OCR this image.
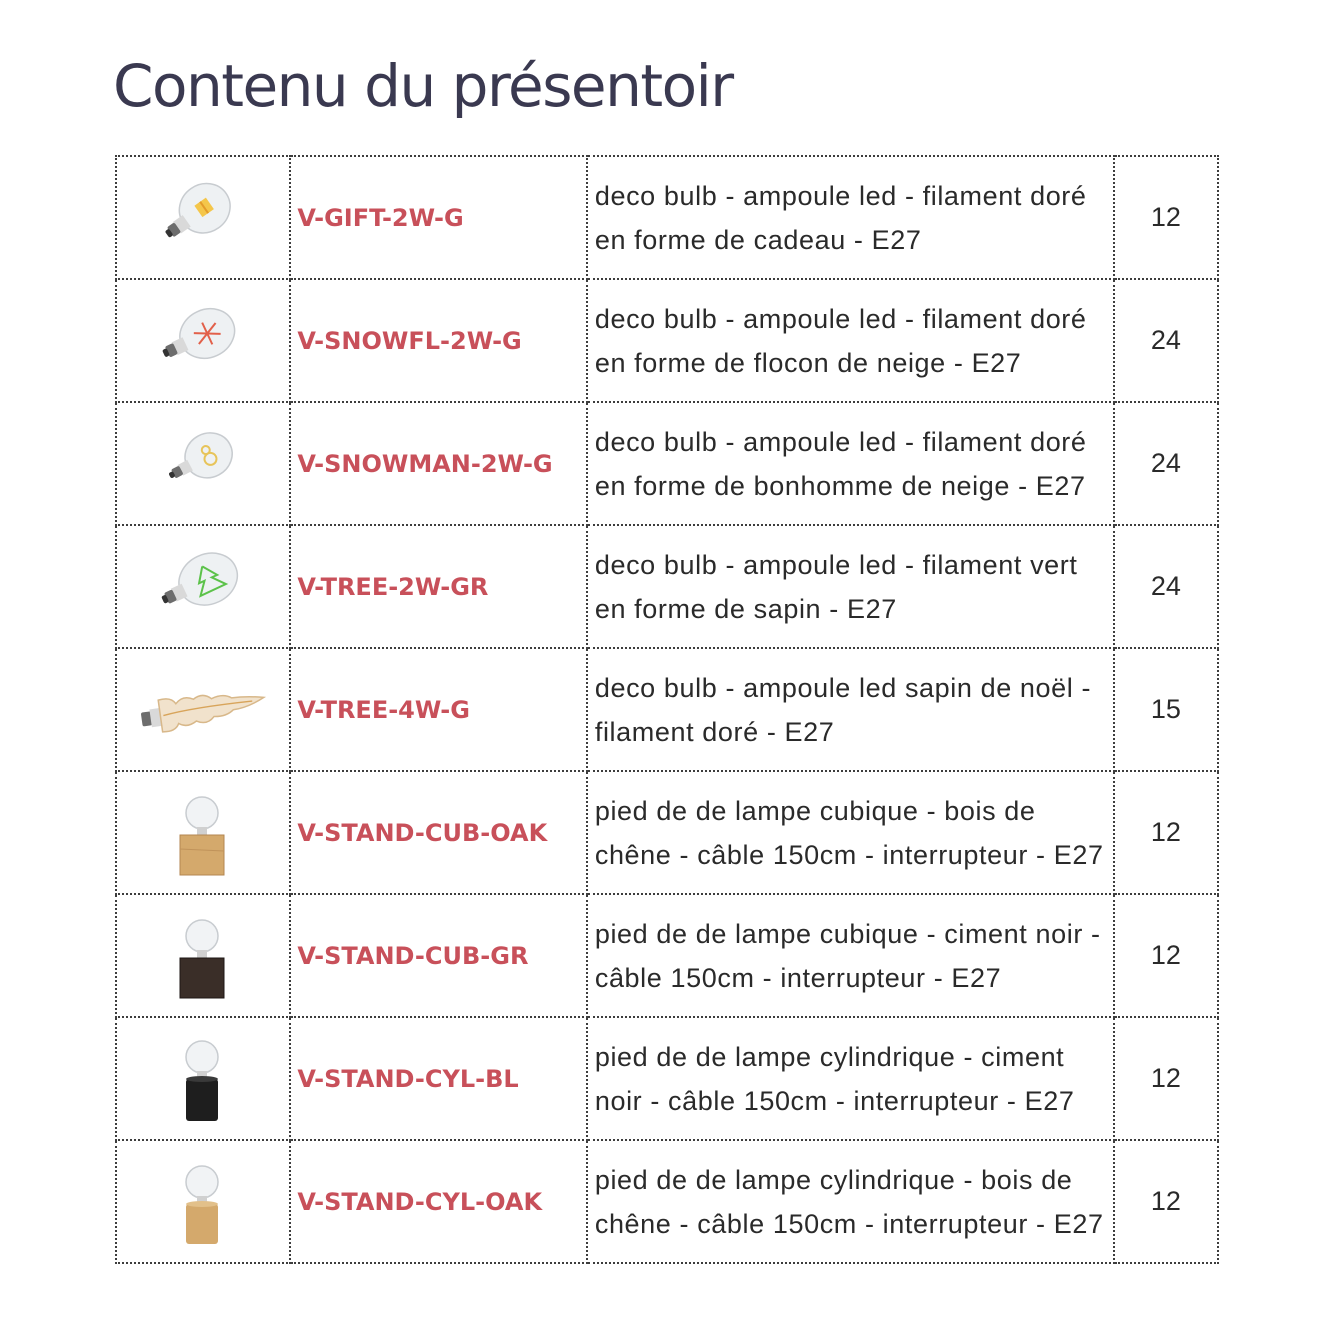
Contenu du présentoir
	V-GIFT-2W-G	deco bulb - ampoule led - filament doré en forme de cadeau - E27	12
	V-SNOWFL-2W-G	deco bulb - ampoule led - filament doré en forme de flocon de neige - E27	24
	V-SNOWMAN-2W-G	deco bulb - ampoule led - filament doré en forme de bonhomme de neige - E27	24
	V-TREE-2W-GR	deco bulb - ampoule led - filament vert en forme de sapin - E27	24
	V-TREE-4W-G	deco bulb - ampoule led sapin de noël - filament doré - E27	15
	V-STAND-CUB-OAK	pied de de lampe cubique - bois de chêne - câble 150cm - interrupteur - E27	12
	V-STAND-CUB-GR	pied de de lampe cubique - ciment noir - câble 150cm - interrupteur - E27	12
	V-STAND-CYL-BL	pied de de lampe cylindrique - ciment noir - câble 150cm - interrupteur - E27	12
	V-STAND-CYL-OAK	pied de de lampe cylindrique - bois de chêne - câble 150cm - interrupteur - E27	12
